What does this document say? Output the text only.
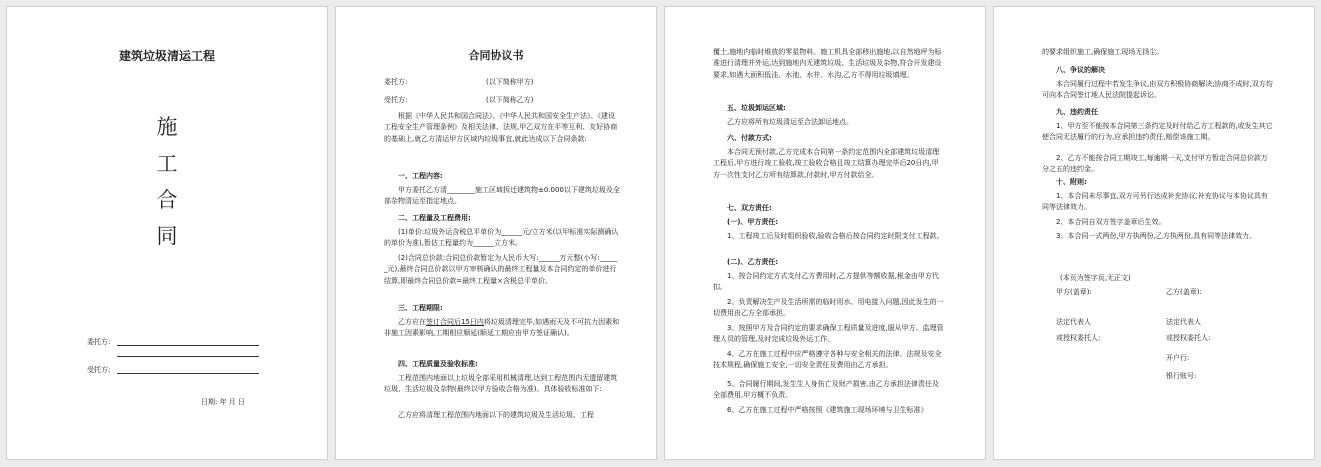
建筑垃圾清运工程
施
工
合
同
委托方:
受托方:
日期: 年 月 日
合同协议书
委托方:	(以下简称甲方)
受托方:	(以下简称乙方)
根据《中华人民共和国合同法》、《中华人民共和国安全生产法》、《建设工程安全生产管理条例》及相关法律、法规,甲乙双方在平等互利、友好协商的基础上,就乙方清运甲方区域内垃圾事宜,就此达成以下合同条款:
一、工程内容:
甲方委托乙方清________施工区域拆迁建筑物±0.000以下建筑垃圾及全部杂物清运至指定地点。
二、工程量及工程费用:
(1)单价:垃圾外运含税总平单价为______元/立方米(以甲标准实际测确认的单价为准),暂估工程量约为______立方米。
(2)合同总价款:合同总价款暂定为人民币大写:______万元整(小写:______元),最终合同总价款以甲方审核确认的最终工程量及本合同约定的单价进行结算,即最终合同总价款=最终工程量×含税总平单价。
三、工程期限:
乙方应在签订合同后15日内将垃圾清理完毕,如遇雨天及不可抗力因素和非施工因素影响,工期相应顺延(顺延工期应由甲方签证确认)。
四、工程质量及验收标准:
工程范围内地面以上垃圾全部采用机械清理,达到工程范围内无遗留建筑垃圾、生活垃圾及杂物(最终以甲方验收合格为准)。具体验收标准如下:
乙方应将清理工程范围内地面以下的建筑垃圾及生活垃圾、工程
覆土,施地内临时堆放的零星物料、施工机具全部移出施地,以自然地坪为标准进行清理并外运,达到施地内无建筑垃圾、生活垃圾及杂物,符合开发建设要求,如遇大面积低洼、水池、水井、水沟,乙方不得用垃圾填埋。
五、垃圾卸运区域:
乙方应将所有垃圾清运至合法卸运地点。
六、付款方式:
本合同无预付款,乙方完成本合同第一条约定范围内全部建筑垃圾清理工程后,甲方进行竣工验收,竣工验收合格且竣工结算办理完毕后20日内,甲方一次性支付乙方所有结算款,付款时,甲方付款给全。
七、双方责任:
(一)、甲方责任:
1、工程竣工后及时组织验收,验收合格后按合同约定时限支付工程款。
(二)、乙方责任:
1、按合同约定方式支付乙方费用时,乙方提供等额收据,税金由甲方代扣。
2、负责解决生产及生活所需的临时用水、用电接入问题,因此发生的一切费用由乙方全部承担。
3、按照甲方及合同约定的要求确保工程质量及进度,服从甲方、监理管理人员的管理,及时完成垃圾外运工作。
4、乙方在施工过程中应严格遵守各种与安全相关的法律、法规及安全技术规程,确保施工安全,一切安全责任及费用由乙方承担。
5、合同履行期间,发生生人身伤亡及财产损害,由乙方承担法律责任及全部费用,甲方概不负责。
6、乙方在施工过程中严格按照《建筑施工现场环境与卫生标准》
的要求组织施工,确保施工现场无扬尘。
八、争议的解决
本合同履行过程中若发生争议,由双方积极协商解决;协商不成时,双方均可向本合同签订地人民法院提起诉讼。
九、违约责任
1、甲方至不能按本合同第三条约定及时付给乙方工程款的,或发生其它使合同无法履行的行为,应承担违约责任,赔偿该施工期。
2、乙方不能按合同工期竣工,每逾期一天,支付甲方暂定合同总价款万分之五的违约金。
十、附则:
1、本合同未尽事宜,双方可另行达成补充协议,补充协议与本协议具有同等法律效力。
2、本合同自双方签字盖章后生效。
3、本合同一式两份,甲方执两份,乙方执两份,具有同等法律效力。
(本页为签字页,无正文)
甲方(盖章):	乙方(盖章):
法定代表人	法定代表人
或授权委托人:	或授权委托人:
开户行:
银行账号:
